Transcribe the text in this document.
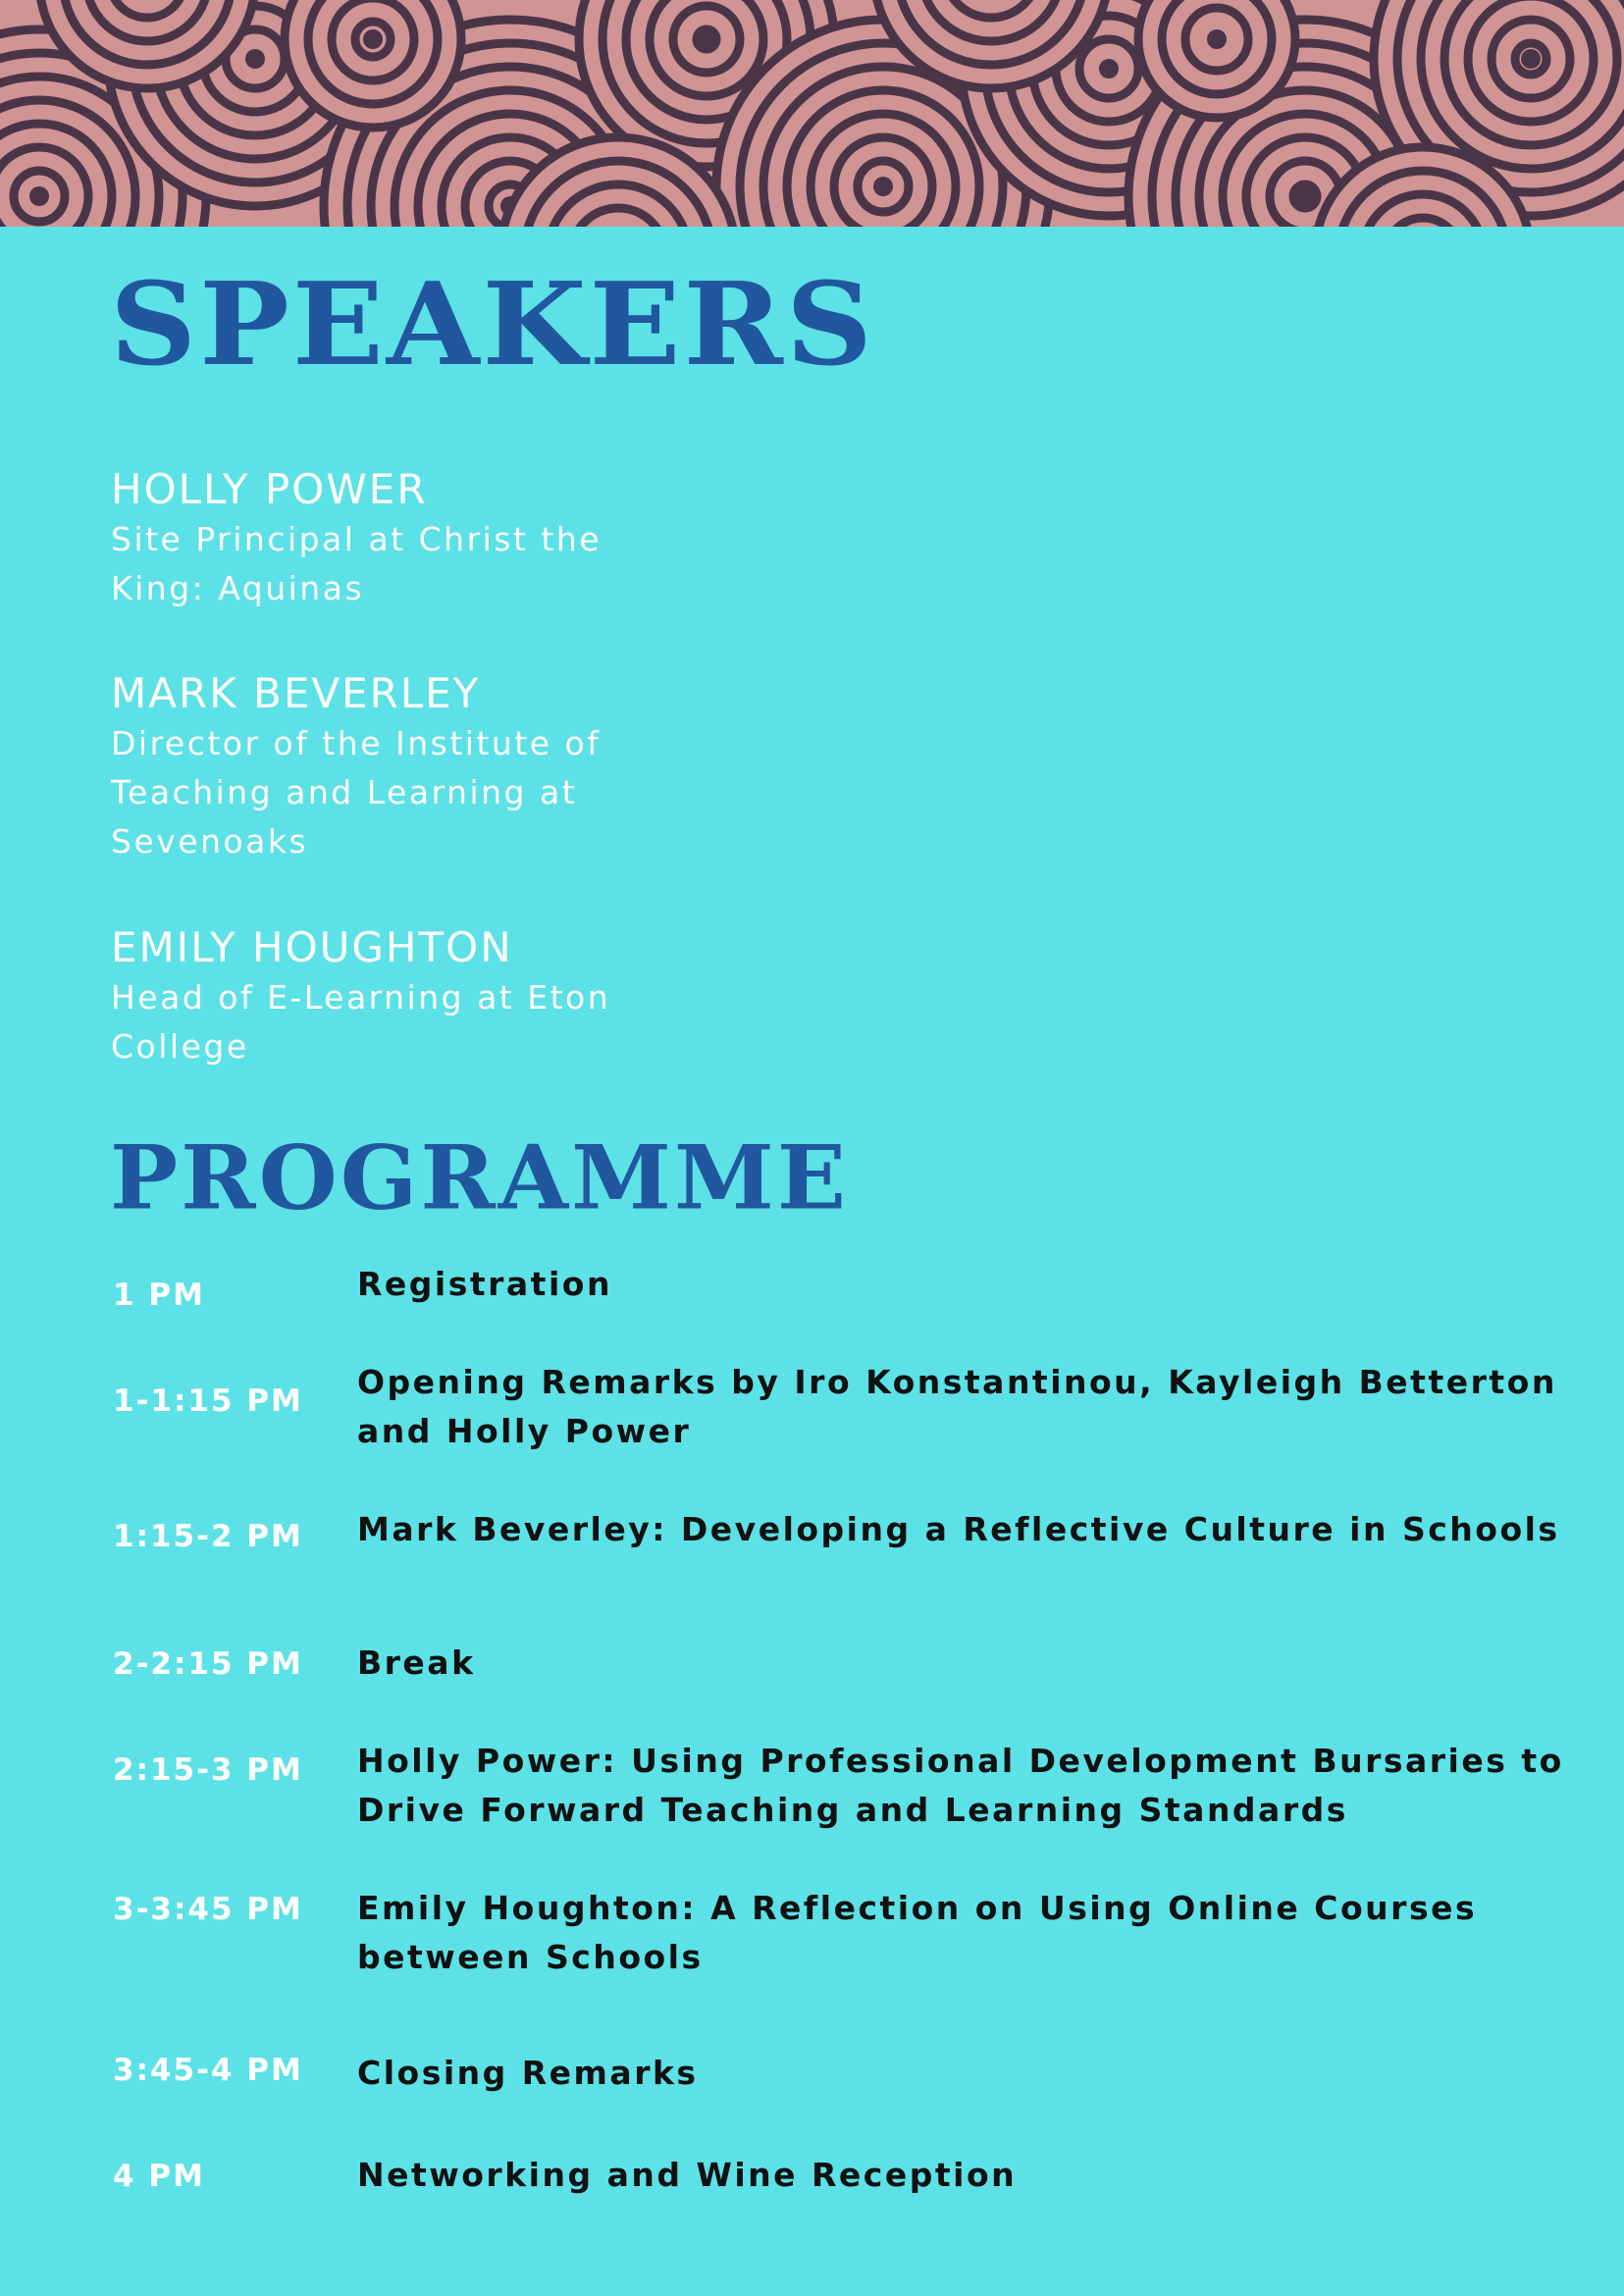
SPEAKERS
HOLLY POWER
Site Principal at Christ the King: Aquinas
MARK BEVERLEY
Director of the Institute of Teaching and Learning at Sevenoaks
EMILY HOUGHTON
Head of E-Learning at Eton College
PROGRAMME
1 PM	Registration
1-1:15 PM Opening Remarks by Iro Konstantinou, Kayleigh Betterton and Holly Power
1:15-2 PM Mark Beverley: Developing a Reflective Culture in Schools
2-2:15 PM Break
2:15-3 PM Holly Power: Using Professional Development Bursaries to Drive Forward Teaching and Learning Standards
3-3:45 PM Emily Houghton: A Reflection on Using Online Courses between Schools
3:45-4 PM Closing Remarks
4 PM	Networking and Wine Reception
